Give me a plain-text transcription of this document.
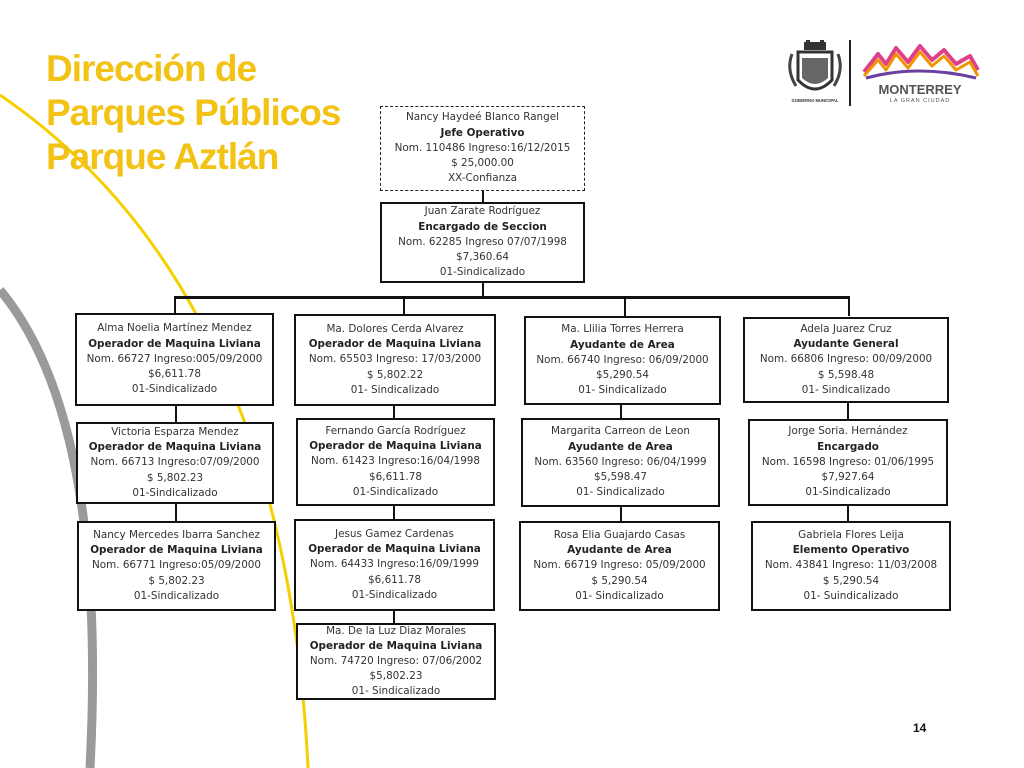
Dirección de
Parques Públicos
Parque Aztlán
GOBIERNO MUNICIPAL
MONTERREY
LA GRAN CIUDAD
Nancy Haydeé Blanco Rangel
Jefe Operativo
Nom. 110486 Ingreso:16/12/2015
$ 25,000.00
XX-Confianza
Juan Zarate Rodríguez
Encargado de Seccion
Nom. 62285 Ingreso 07/07/1998
$7,360.64
01-Sindicalizado
Alma Noelia Martínez Mendez
Operador de Maquina Liviana
Nom. 66727 Ingreso:005/09/2000
$6,611.78
01-Sindicalizado
Victoria Esparza Mendez
Operador de Maquina Liviana
Nom. 66713 Ingreso:07/09/2000
$ 5,802.23
01-Sindicalizado
Nancy Mercedes Ibarra Sanchez
Operador de Maquina Liviana
Nom. 66771 Ingreso:05/09/2000
$ 5,802.23
01-Sindicalizado
Ma. Dolores Cerda Alvarez
Operador de Maquina Liviana
Nom. 65503 Ingreso: 17/03/2000
$ 5,802.22
01- Sindicalizado
Fernando García Rodríguez
Operador de Maquina Liviana
Nom. 61423 Ingreso:16/04/1998
$6,611.78
01-Sindicalizado
Jesus Gamez Cardenas
Operador de Maquina Liviana
Nom. 64433 Ingreso:16/09/1999
$6,611.78
01-Sindicalizado
Ma. De la Luz Diaz Morales
Operador de Maquina Liviana
Nom. 74720 Ingreso: 07/06/2002
$5,802.23
01- Sindicalizado
Ma. Llilia Torres Herrera
Ayudante de Area
Nom. 66740 Ingreso: 06/09/2000
$5,290.54
01- Sindicalizado
Margarita Carreon de Leon
Ayudante de Area
Nom. 63560 Ingreso: 06/04/1999
$5,598.47
01- Sindicalizado
Rosa Elia Guajardo Casas
Ayudante de Area
Nom. 66719 Ingreso: 05/09/2000
$ 5,290.54
01- Sindicalizado
Adela Juarez Cruz
Ayudante General
Nom. 66806 Ingreso: 00/09/2000
$ 5,598.48
01- Sindicalizado
Jorge Soria. Hernández
Encargado
Nom. 16598 Ingreso: 01/06/1995
$7,927.64
01-Sindicalizado
Gabriela Flores Leija
Elemento Operativo
Nom. 43841 Ingreso: 11/03/2008
$ 5,290.54
01- Suindicalizado
14
